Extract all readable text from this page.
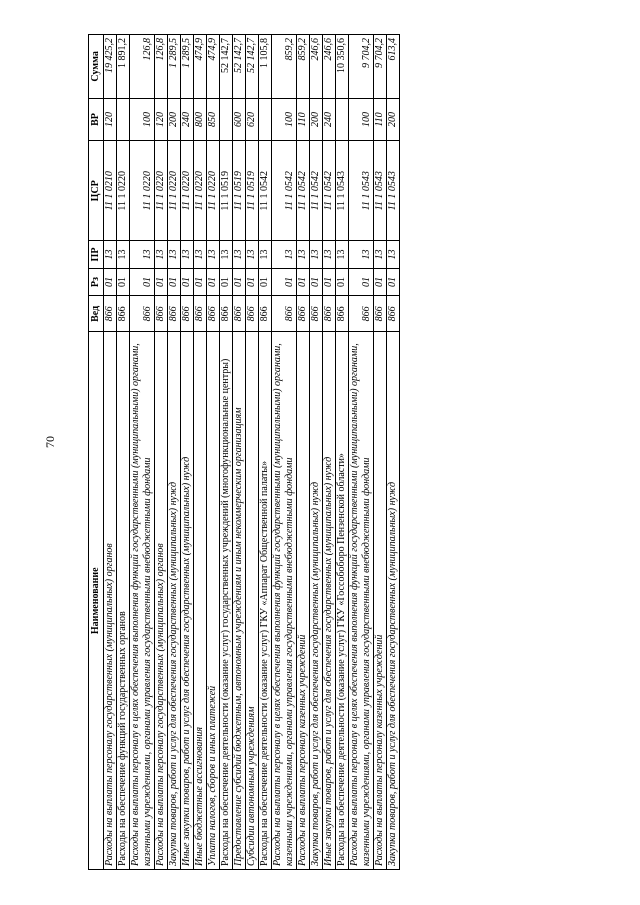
70
Наименование	Вед	Рз	ПР	ЦСР	ВР	Сумма
Расходы на выплаты персоналу государственных (муниципальных) органов	866	01	13	11 1 0210	120	19 425,2
Расходы на обеспечение функций государственных органов	866	01	13	11 1 0220		1 891,2
Расходы на выплаты персоналу в целях обеспечения выполнения функций государственными (муниципальными) органами, казенными учреждениями, органами управления государственными внебюджетными фондами	866	01	13	11 1 0220	100	126,8
Расходы на выплаты персоналу государственных (муниципальных) органов	866	01	13	11 1 0220	120	126,8
Закупка товаров, работ и услуг для обеспечения государственных (муниципальных) нужд	866	01	13	11 1 0220	200	1 289,5
Иные закупки товаров, работ и услуг для обеспечения государственных (муниципальных) нужд	866	01	13	11 1 0220	240	1 289,5
Иные бюджетные ассигнования	866	01	13	11 1 0220	800	474,9
Уплата налогов, сборов и иных платежей	866	01	13	11 1 0220	850	474,9
Расходы на обеспечение деятельности (оказание услуг) государственных учреждений (многофункциональные центры)	866	01	13	11 1 0519		52 142,7
Предоставление субсидий бюджетным, автономным учреждениям и иным некоммерческим организациям	866	01	13	11 1 0519	600	52 142,7
Субсидии автономным учреждениям	866	01	13	11 1 0519	620	52 142,7
Расходы на обеспечение деятельности (оказание услуг) ГКУ «Аппарат Общественной палаты»	866	01	13	11 1 0542		1 105,8
Расходы на выплаты персоналу в целях обеспечения выполнения функций государственными (муниципальными) органами, казенными учреждениями, органами управления государственными внебюджетными фондами	866	01	13	11 1 0542	100	859,2
Расходы на выплаты персоналу казенных учреждений	866	01	13	11 1 0542	110	859,2
Закупка товаров, работ и услуг для обеспечения государственных (муниципальных) нужд	866	01	13	11 1 0542	200	246,6
Иные закупки товаров, работ и услуг для обеспечения государственных (муниципальных) нужд	866	01	13	11 1 0542	240	246,6
Расходы на обеспечение деятельности (оказание услуг) ГКУ «Госсобоборо Пензенской области»	866	01	13	11 1 0543		10 350,6
Расходы на выплаты персоналу в целях обеспечения выполнения функций государственными (муниципальными) органами, казенными учреждениями, органами управления государственными внебюджетными фондами	866	01	13	11 1 0543	100	9 704,2
Расходы на выплаты персоналу казенных учреждений	866	01	13	11 1 0543	110	9 704,2
Закупка товаров, работ и услуг для обеспечения государственных (муниципальных) нужд	866	01	13	11 1 0543	200	613,4
